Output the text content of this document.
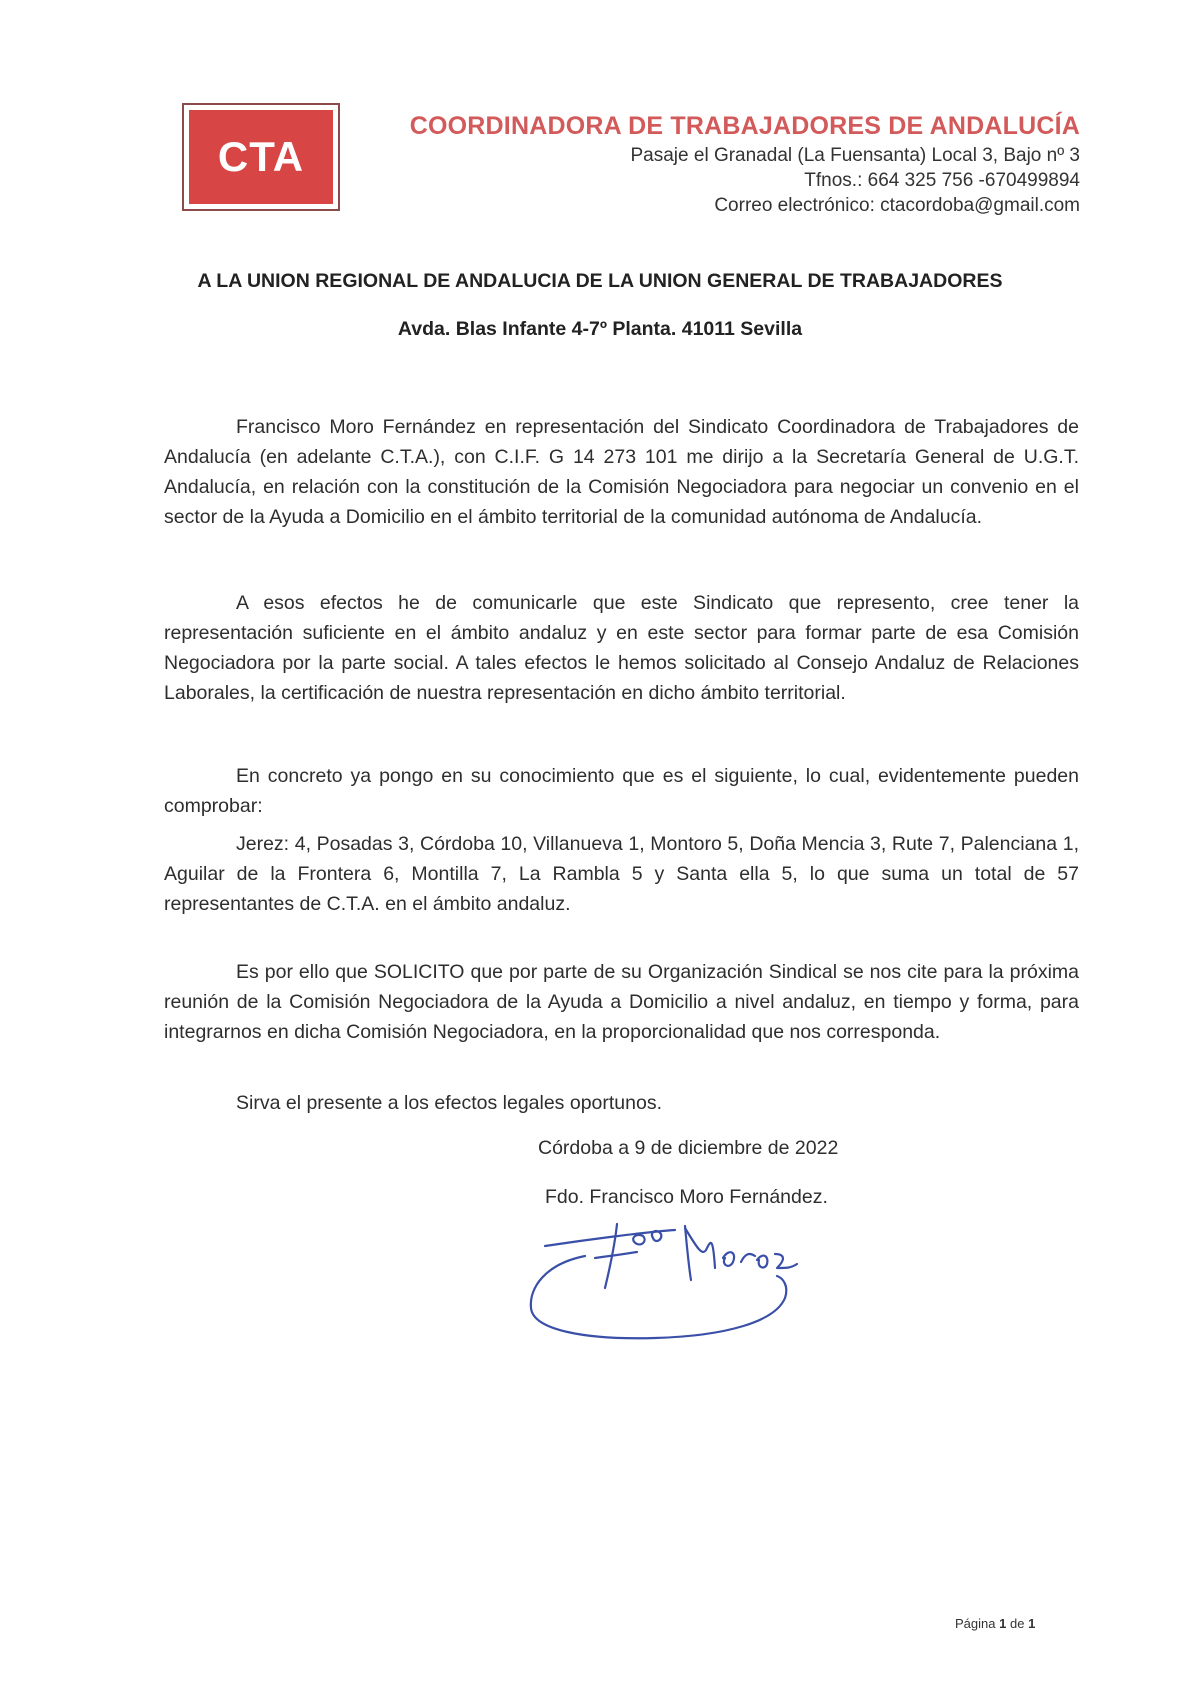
CTA
COORDINADORA DE TRABAJADORES DE ANDALUCÍA
Pasaje el Granadal (La Fuensanta) Local 3, Bajo nº 3
Tfnos.: 664 325 756 -670499894
Correo electrónico: ctacordoba@gmail.com
A LA UNION REGIONAL DE ANDALUCIA DE LA UNION GENERAL DE TRABAJADORES
Avda. Blas Infante 4-7º Planta. 41011 Sevilla

Francisco Moro Fernández en representación del Sindicato Coordinadora de Trabajadores de Andalucía (en adelante C.T.A.), con C.I.F. G 14 273 101 me dirijo a la Secretaría General de U.G.T. Andalucía, en relación con la constitución de la Comisión Negociadora para negociar un convenio en el sector de la Ayuda a Domicilio en el ámbito territorial de la comunidad autónoma de Andalucía.

A esos efectos he de comunicarle que este Sindicato que represento, cree tener la representación suficiente en el ámbito andaluz y en este sector para formar parte de esa Comisión Negociadora por la parte social. A tales efectos le hemos solicitado al Consejo Andaluz de Relaciones Laborales, la certificación de nuestra representación en dicho ámbito territorial.

En concreto ya pongo en su conocimiento que es el siguiente, lo cual, evidentemente pueden comprobar:

Jerez: 4, Posadas 3, Córdoba 10, Villanueva 1, Montoro 5, Doña Mencia 3, Rute 7, Palenciana 1, Aguilar de la Frontera 6, Montilla 7, La Rambla 5 y Santa ella 5, lo que suma un total de 57 representantes de C.T.A. en el ámbito andaluz.

Es por ello que SOLICITO que por parte de su Organización Sindical se nos cite para la próxima reunión de la Comisión Negociadora de la Ayuda a Domicilio a nivel andaluz, en tiempo y forma, para integrarnos en dicha Comisión Negociadora, en la proporcionalidad que nos corresponda.

Sirva el presente a los efectos legales oportunos.

Córdoba a 9 de diciembre de 2022
Fdo. Francisco Moro Fernández.
Fco Moro
Página 1 de 1
